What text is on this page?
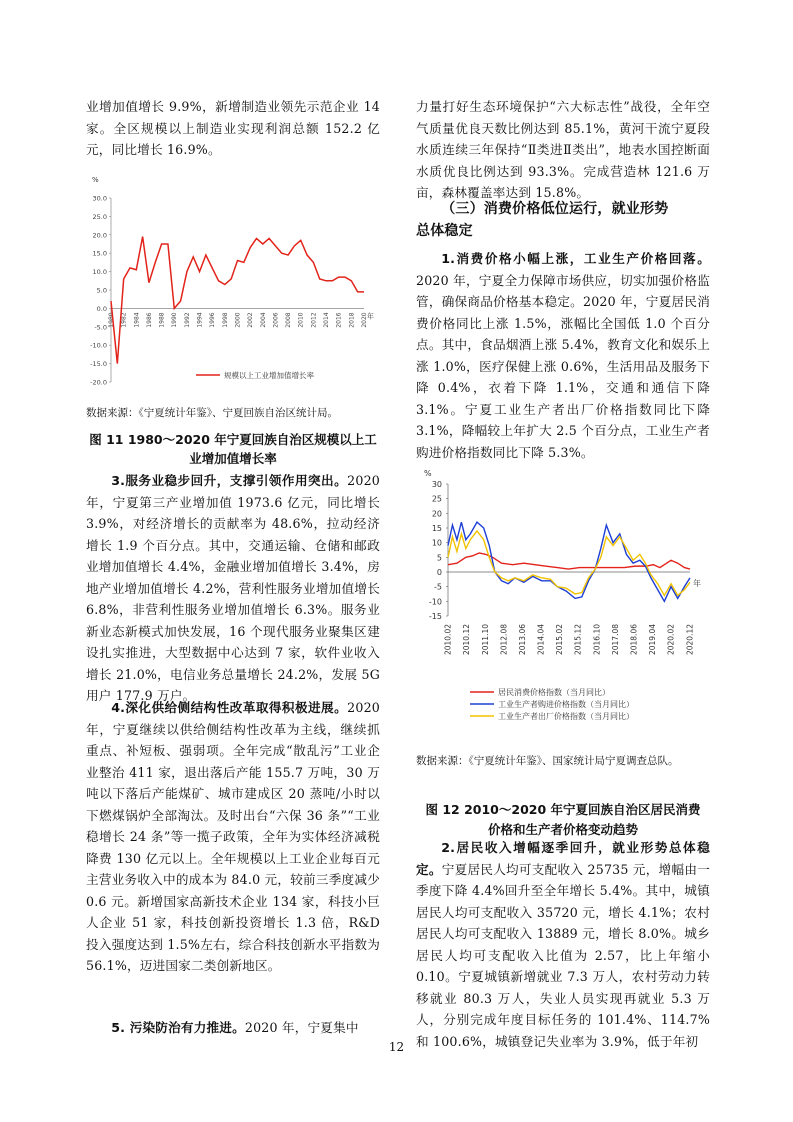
业增加值增长 9.9%，新增制造业领先示范企业 14 家。全区规模以上制造业实现利润总额 152.2 亿元，同比增长 16.9%。
%
30.0
25.0
20.0
15.0
10.0
5.0
0.0
-5.0
-10.0
-15.0
-20.0
1980 1982 1984 1986 1988 1990 1992 1994 1996 1998 2000 2002 2004 2006 2008 2010 2012 2014 2016 2018 2020 年
规模以上工业增加值增长率
数据来源：《宁夏统计年鉴》、宁夏回族自治区统计局。
图 11 1980～2020 年宁夏回族自治区规模以上工
业增加值增长率
3.服务业稳步回升，支撑引领作用突出。2020 年，宁夏第三产业增加值 1973.6 亿元，同比增长 3.9%，对经济增长的贡献率为 48.6%，拉动经济增长 1.9 个百分点。其中，交通运输、仓储和邮政业增加值增长 4.4%，金融业增加值增长 3.4%，房地产业增加值增长 4.2%，营利性服务业增加值增长 6.8%，非营利性服务业增加值增长 6.3%。服务业新业态新模式加快发展，16 个现代服务业聚集区建设扎实推进，大型数据中心达到 7 家，软件业收入增长 21.0%，电信业务总量增长 24.2%，发展 5G 用户 177.9 万户。
4.深化供给侧结构性改革取得积极进展。2020 年，宁夏继续以供给侧结构性改革为主线，继续抓重点、补短板、强弱项。全年完成“散乱污”工业企业整治 411 家，退出落后产能 155.7 万吨，30 万吨以下落后产能煤矿、城市建成区 20 蒸吨/小时以下燃煤锅炉全部淘汰。及时出台“六保 36 条”“工业稳增长 24 条”等一揽子政策，全年为实体经济减税降费 130 亿元以上。全年规模以上工业企业每百元主营业务收入中的成本为 84.0 元，较前三季度减少 0.6 元。新增国家高新技术企业 134 家，科技小巨人企业 51 家，科技创新投资增长 1.3 倍，R&D 投入强度达到 1.5%左右，综合科技创新水平指数为 56.1%，迈进国家二类创新地区。
5. 污染防治有力推进。2020 年，宁夏集中
力量打好生态环境保护“六大标志性”战役，全年空气质量优良天数比例达到 85.1%，黄河干流宁夏段水质连续三年保持“Ⅱ类进Ⅱ类出”，地表水国控断面水质优良比例达到 93.3%。完成营造林 121.6 万亩，森林覆盖率达到 15.8%。
（三）消费价格低位运行，就业形势
总体稳定
1.消费价格小幅上涨，工业生产价格回落。2020 年，宁夏全力保障市场供应，切实加强价格监管，确保商品价格基本稳定。2020 年，宁夏居民消费价格同比上涨 1.5%，涨幅比全国低 1.0 个百分点。其中，食品烟酒上涨 5.4%，教育文化和娱乐上涨 1.0%，医疗保健上涨 0.6%，生活用品及服务下降 0.4%，衣着下降 1.1%，交通和通信下降 3.1%。宁夏工业生产者出厂价格指数同比下降 3.1%，降幅较上年扩大 2.5 个百分点，工业生产者购进价格指数同比下降 5.3%。
%
30
25
20
15
10
5
0
-5
-10
-15
年
2010.02 2010.12 2011.10 2012.08 2013.06 2014.04 2015.02 2015.12 2016.10 2017.08 2018.06 2019.04 2020.02 2020.12
居民消费价格指数（当月同比）
工业生产者购进价格指数（当月同比）
工业生产者出厂价格指数（当月同比）
数据来源：《宁夏统计年鉴》、国家统计局宁夏调查总队。
图 12 2010～2020 年宁夏回族自治区居民消费
价格和生产者价格变动趋势
2.居民收入增幅逐季回升，就业形势总体稳定。宁夏居民人均可支配收入 25735 元，增幅由一季度下降 4.4%回升至全年增长 5.4%。其中，城镇居民人均可支配收入 35720 元，增长 4.1%；农村居民人均可支配收入 13889 元，增长 8.0%。城乡居民人均可支配收入比值为 2.57，比上年缩小 0.10。宁夏城镇新增就业 7.3 万人，农村劳动力转移就业 80.3 万人，失业人员实现再就业 5.3 万人，分别完成年度目标任务的 101.4%、114.7%和 100.6%，城镇登记失业率为 3.9%，低于年初
12
